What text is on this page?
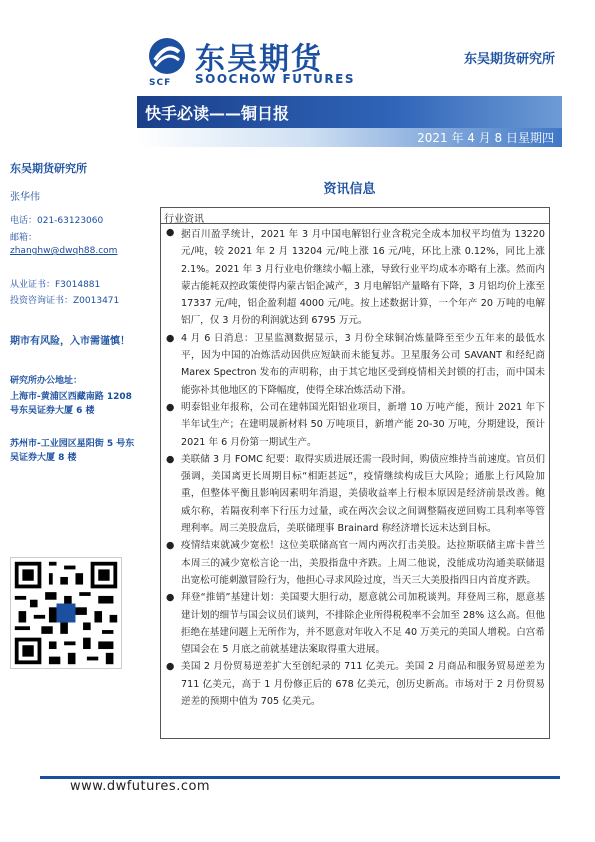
SCF
东吴期货
SOOCHOW FUTURES
东吴期货研究所
快手必读——铜日报
2021 年 4 月 8 日星期四
东吴期货研究所
张华伟
电话：021-63123060
邮箱：
zhanghw@dwqh88.com
从业证书：F3014881
投资咨询证书：Z0013471
期市有风险，入市需谨慎！
研究所办公地址：
上海市-黄浦区西藏南路 1208 号东吴证券大厦 6 楼
苏州市-工业园区星阳街 5 号东吴证券大厦 8 楼
资讯信息
行业资讯
● 据百川盈孚统计，2021 年 3 月中国电解铝行业含税完全成本加权平均值为 13220 元/吨，较 2021 年 2 月 13204 元/吨上涨 16 元/吨，环比上涨 0.12%，同比上涨 2.1%。2021 年 3 月行业电价继续小幅上涨，导致行业平均成本亦略有上涨。然而内蒙古能耗双控政策使得内蒙古铝企减产，3 月电解铝产量略有下降，3 月铝均价上涨至 17337 元/吨，铝企盈利超 4000 元/吨。按上述数据计算，一个年产 20 万吨的电解铝厂，仅 3 月份的利润就达到 6795 万元。
● 4 月 6 日消息：卫星监测数据显示，3 月份全球铜冶炼量降至至少五年来的最低水平，因为中国的冶炼活动因供应短缺而未能复苏。卫星服务公司 SAVANT 和经纪商 Marex Spectron 发布的声明称，由于其它地区受到疫情相关封锁的打击，而中国未能弥补其他地区的下降幅度，使得全球冶炼活动下滑。
● 明泰铝业年报称，公司在建韩国光阳铝业项目，新增 10 万吨产能，预计 2021 年下半年试生产；在建明晟新材料 50 万吨项目，新增产能 20-30 万吨，分期建设，预计 2021 年 6 月份第一期试生产。
● 美联储 3 月 FOMC 纪要：取得实质进展还需一段时间，购债应维持当前速度。官员们强调，美国离更长周期目标“相距甚远”，疫情继续构成巨大风险；通胀上行风险加重，但整体平衡且影响因素明年消退，美债收益率上行根本原因是经济前景改善。鲍威尔称，若隔夜利率下行压力过量，或在两次会议之间调整隔夜逆回购工具利率等管理利率。周三美股盘后，美联储理事 Brainard 称经济增长远未达到目标。
● 疫情结束就减少宽松！这位美联储高官一周内两次打击美股。达拉斯联储主席卡普兰本周三的减少宽松言论一出，美股指盘中齐跌。上周二他说，没能成功沟通美联储退出宽松可能刺激冒险行为，他担心寻求风险过度，当天三大美股指四日内首度齐跌。
● 拜登“推销”基建计划：美国要大胆行动，愿意就公司加税谈判。拜登周三称，愿意基建计划的细节与国会议员们谈判，不排除企业所得税税率不会加至 28% 这么高。但他拒绝在基建问题上无所作为，并不愿意对年收入不足 40 万美元的美国人增税。白宫希望国会在 5 月底之前就基建法案取得重大进展。
● 美国 2 月份贸易逆差扩大至创纪录的 711 亿美元。美国 2 月商品和服务贸易逆差为 711 亿美元，高于 1 月份修正后的 678 亿美元，创历史新高。市场对于 2 月份贸易逆差的预期中值为 705 亿美元。
www.dwfutures.com
